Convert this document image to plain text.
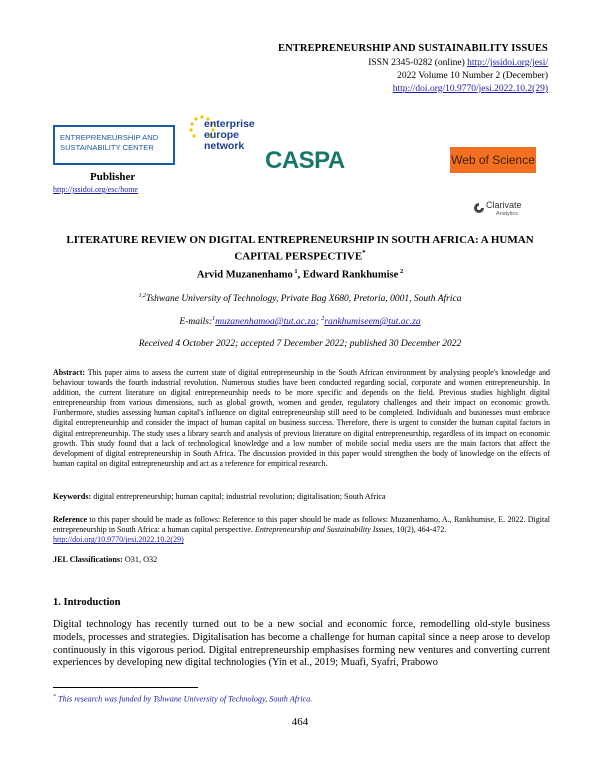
ENTREPRENEURSHIP AND SUSTAINABILITY ISSUES
ISSN 2345-0282 (online) http://jssidoi.org/jesi/
2022 Volume 10 Number 2 (December)
http://doi.org/10.9770/jesi.2022.10.2(29)
ENTREPRENEURSHIP AND
SUSTAINABILITY CENTER
Publisher
http://jssidoi.org/esc/home
enterprise
europe
network
CASPA	Web of Science
Clarivate
Analytics
LITERATURE REVIEW ON DIGITAL ENTREPRENEURSHIP IN SOUTH AFRICA: A HUMAN
CAPITAL PERSPECTIVE*
Arvid Muzanenhamo $^1$, Edward Rankhumise $^2$
$^{1,2}$Tshwane University of Technology, Private Bag X680, Pretoria, 0001, South Africa
E-mails:$^1$muzanenhamoa@tut.ac.za; $^2$rankhumiseem@tut.ac.za
Received 4 October 2022; accepted 7 December 2022; published 30 December 2022
Abstract: This paper aims to assess the current state of digital entrepreneurship in the South African environment by analysing people's knowledge and behaviour towards the fourth industrial revolution. Numerous studies have been conducted regarding social, corporate and women entrepreneurship. In addition, the current literature on digital entrepreneurship needs to be more specific and depends on the field. Previous studies highlight digital entrepreneurship from various dimensions, such as global growth, women and gender, regulatory challenges and their impact on economic growth. Furthermore, studies assessing human capital's influence on digital entrepreneurship still need to be completed. Individuals and businesses must embrace digital entrepreneurship and consider the impact of human capital on business success. Therefore, there is urgent to consider the human capital factors in digital entrepreneurship. The study uses a library search and analysis of previous literature on digital entrepreneurship, regardless of its impact on economic growth. This study found that a lack of technological knowledge and a low number of mobile social media users are the main factors that affect the development of digital entrepreneurship in South Africa. The discussion provided in this paper would strengthen the body of knowledge on the effects of human capital on digital entrepreneurship and act as a reference for empirical research.
Keywords: digital entrepreneurship; human capital; industrial revolution; digitalisation; South Africa
Reference to this paper should be made as follows: Reference to this paper should be made as follows: Muzanenhamo, A., Rankhumise, E. 2022. Digital entrepreneurship in South Africa: a human capital perspective. Entrepreneurship and Sustainability Issues, 10(2), 464-472.
http://doi.org/10.9770/jesi.2022.10.2(29)
JEL Classifications: O31, O32
1. Introduction
Digital technology has recently turned out to be a new social and economic force, remodelling old-style business models, processes and strategies. Digitalisation has become a challenge for human capital since a neep arose to develop continuously in this vigorous period. Digital entrepreneurship emphasises forming new ventures and converting current experiences by developing new digital technologies (Yin et al., 2019; Muafi, Syafri, Prabowo
* This research was funded by Tshwane University of Technology, South Africa.
464
